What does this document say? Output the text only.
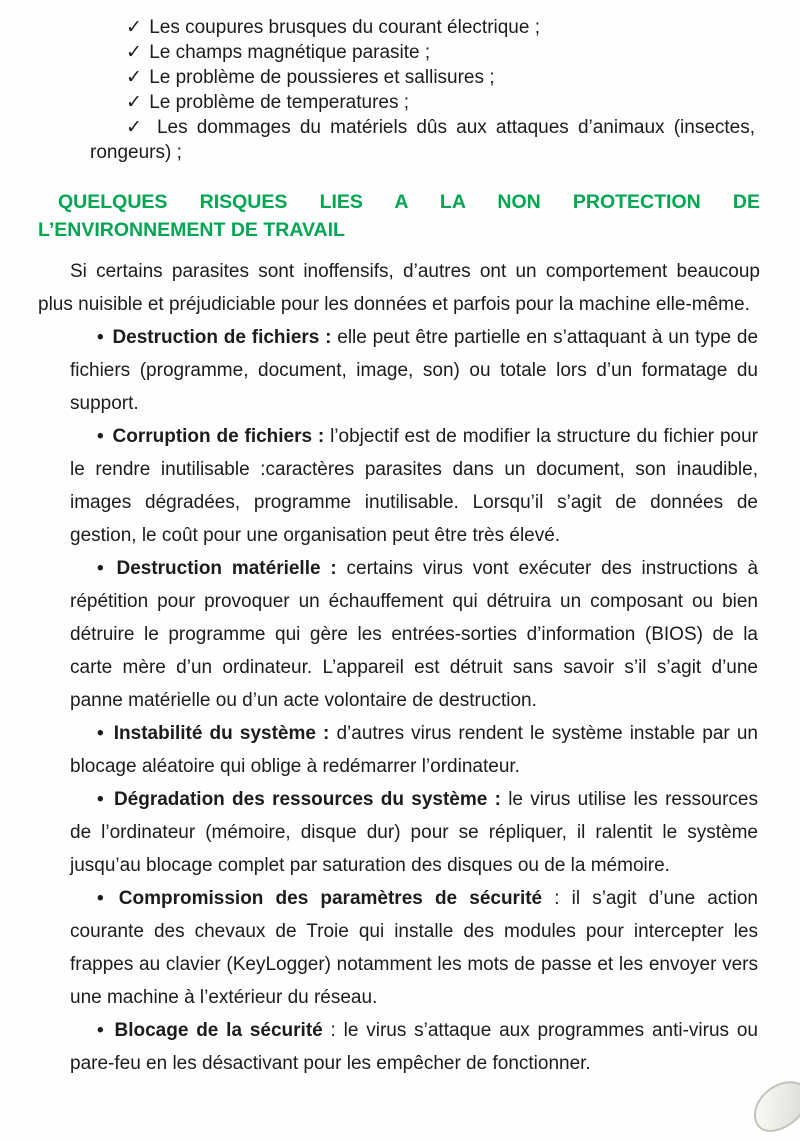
✓ Les coupures brusques du courant électrique ;
✓ Le champs magnétique parasite ;
✓ Le problème de poussieres et sallisures ;
✓ Le problème de temperatures ;
✓ Les dommages du matériels dûs aux attaques d’animaux (insectes, rongeurs) ;
QUELQUES RISQUES LIES A LA NON PROTECTION DE L’ENVIRONNEMENT DE TRAVAIL
Si certains parasites sont inoffensifs, d’autres ont un comportement beaucoup plus nuisible et préjudiciable pour les données et parfois pour la machine elle-même.
• Destruction de fichiers : elle peut être partielle en s’attaquant à un type de fichiers (programme, document, image, son) ou totale lors d’un formatage du support.
• Corruption de fichiers : l’objectif est de modifier la structure du fichier pour le rendre inutilisable :caractères parasites dans un document, son inaudible, images dégradées, programme inutilisable. Lorsqu’il s’agit de données de gestion, le coût pour une organisation peut être très élevé.
• Destruction matérielle : certains virus vont exécuter des instructions à répétition pour provoquer un échauffement qui détruira un composant ou bien détruire le programme qui gère les entrées-sorties d’information (BIOS) de la carte mère d’un ordinateur. L’appareil est détruit sans savoir s’il s’agit d’une panne matérielle ou d’un acte volontaire de destruction.
• Instabilité du système : d’autres virus rendent le système instable par un blocage aléatoire qui oblige à redémarrer l’ordinateur.
• Dégradation des ressources du système : le virus utilise les ressources de l’ordinateur (mémoire, disque dur) pour se répliquer, il ralentit le système jusqu’au blocage complet par saturation des disques ou de la mémoire.
• Compromission des paramètres de sécurité : il s’agit d’une action courante des chevaux de Troie qui installe des modules pour intercepter les frappes au clavier (KeyLogger) notamment les mots de passe et les envoyer vers une machine à l’extérieur du réseau.
• Blocage de la sécurité : le virus s’attaque aux programmes anti-virus ou pare-feu en les désactivant pour les empêcher de fonctionner.
